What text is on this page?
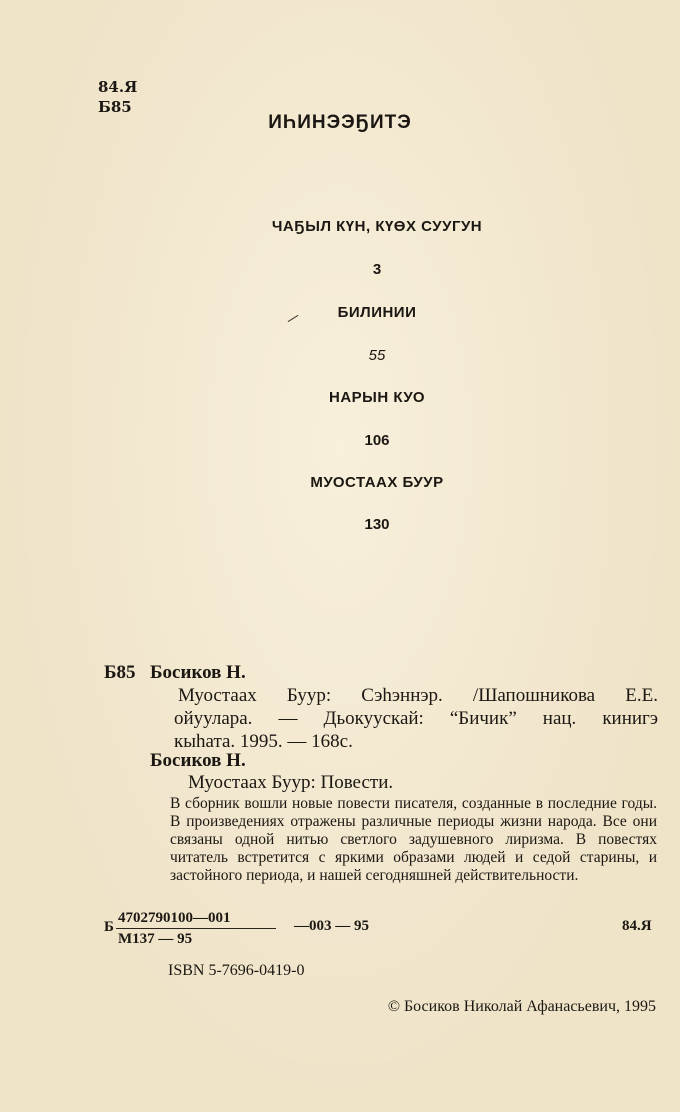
84.Я
Б85
ИҺИНЭЭҔИТЭ
ЧАҔЫЛ КҮН, КҮӨХ СУУГУН
3
БИЛИНИИ
55
НАРЫН КУО
106
МУОСТААХ БУУР
130
Б85 Босиков Н.
Муостаах Буур: Сэһэннэр. /Шапошникова Е.Е.
ойуулара. — Дьокуускай: “Бичик” нац. кинигэ
кыһата. 1995. — 168с.
Босиков Н.
Муостаах Буур: Повести.
В сборник вошли новые повести писателя, созданные в последние годы. В произведениях отражены различные периоды жизни народа. Все они связаны одной нитью светлого задушевного лиризма. В повестях читатель встретится с яркими образами людей и седой старины, и застойного периода, и нашей сегодняшней действительности.
Б
4702790100—001
М137 — 95
—003 — 95	84.Я
ISBN 5-7696-0419-0
© Босиков Николай Афанасьевич, 1995
